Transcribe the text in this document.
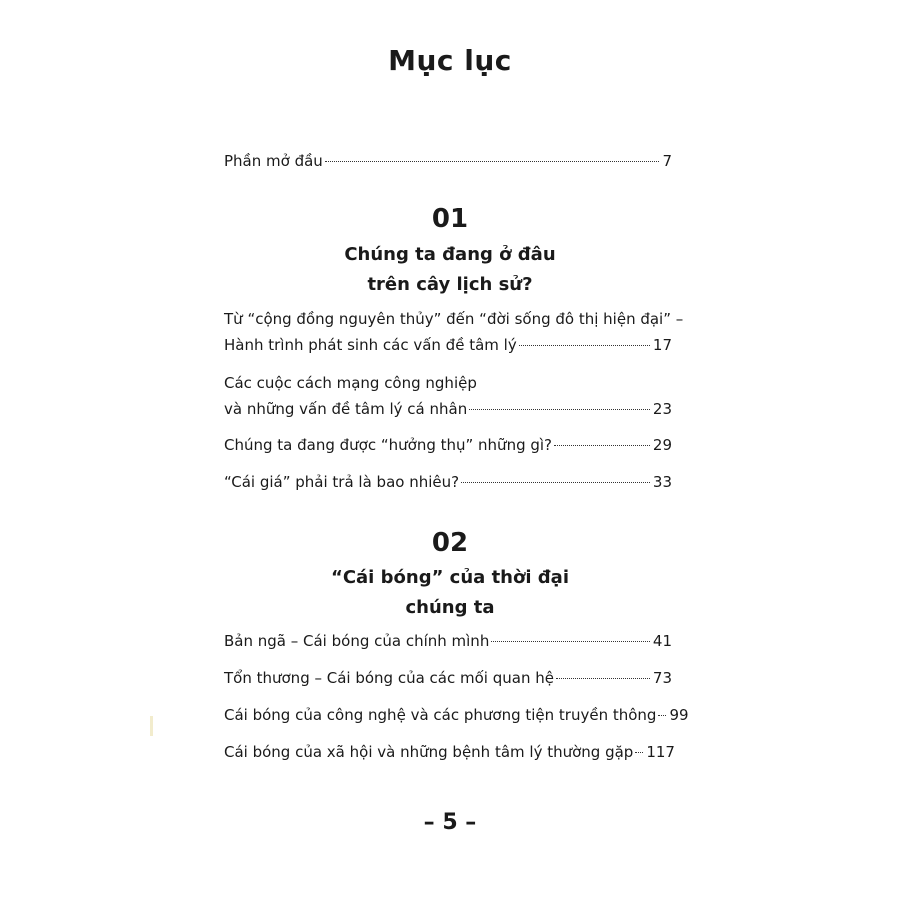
Mục lục
Phần mở đầu	7
01
Chúng ta đang ở đâu
trên cây lịch sử?
Từ “cộng đồng nguyên thủy” đến “đời sống đô thị hiện đại” –
Hành trình phát sinh các vấn đề tâm lý	17
Các cuộc cách mạng công nghiệp
và những vấn đề tâm lý cá nhân	23
Chúng ta đang được “hưởng thụ” những gì?	29
“Cái giá” phải trả là bao nhiêu?	33
02
“Cái bóng” của thời đại
chúng ta
Bản ngã – Cái bóng của chính mình	41
Tổn thương – Cái bóng của các mối quan hệ	73
Cái bóng của công nghệ và các phương tiện truyền thông 99
Cái bóng của xã hội và những bệnh tâm lý thường gặp 117
– 5 –
